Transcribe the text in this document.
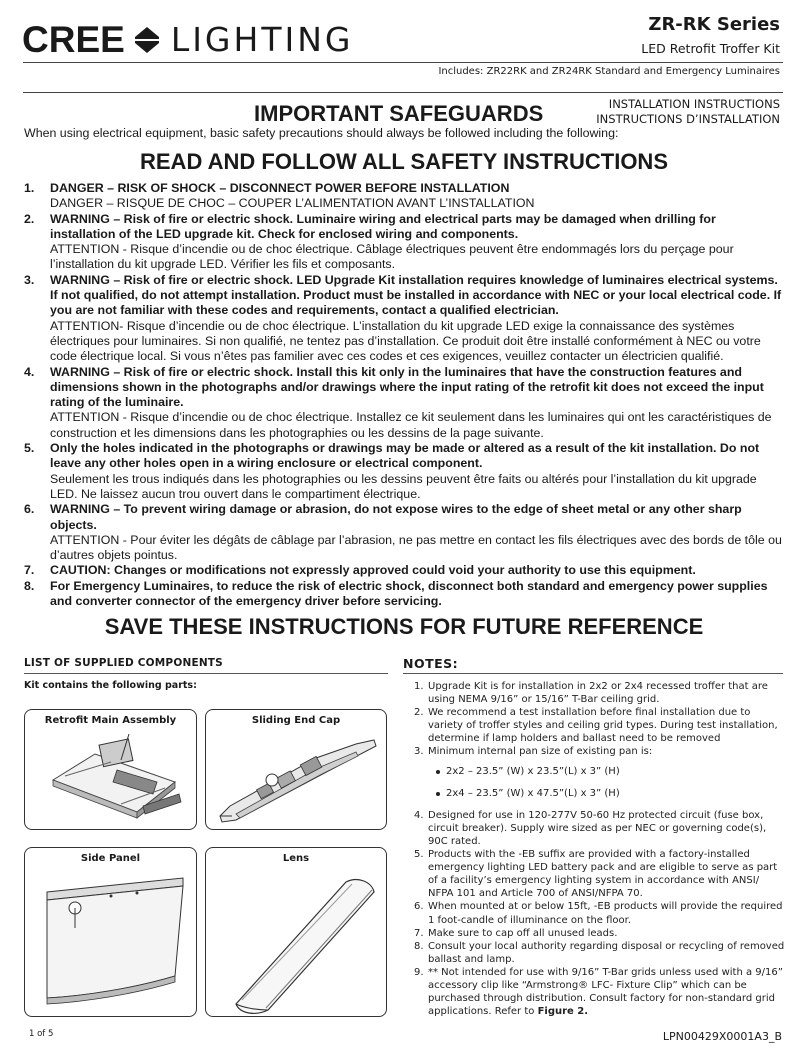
CREE LIGHTING	ZR-RK Series
LED Retrofit Troffer Kit
Includes: ZR22RK and ZR24RK Standard and Emergency Luminaires
IMPORTANT SAFEGUARDS	INSTALLATION INSTRUCTIONS
INSTRUCTIONS D’INSTALLATION
When using electrical equipment, basic safety precautions should always be followed including the following:
READ AND FOLLOW ALL SAFETY INSTRUCTIONS
1. DANGER – RISK OF SHOCK – DISCONNECT POWER BEFORE INSTALLATION
DANGER – RISQUE DE CHOC – COUPER L’ALIMENTATION AVANT L’INSTALLATION
2. WARNING – Risk of fire or electric shock. Luminaire wiring and electrical parts may be damaged when drilling for installation of the LED upgrade kit. Check for enclosed wiring and components.
ATTENTION - Risque d’incendie ou de choc électrique. Câblage électriques peuvent être endommagés lors du perçage pour l’installation du kit upgrade LED. Vérifier les fils et composants.
3. WARNING – Risk of fire or electric shock. LED Upgrade Kit installation requires knowledge of luminaires electrical systems. If not qualified, do not attempt installation. Product must be installed in accordance with NEC or your local electrical code. If you are not familiar with these codes and requirements, contact a qualified electrician.
ATTENTION- Risque d’incendie ou de choc électrique. L’installation du kit upgrade LED exige la connaissance des systèmes électriques pour luminaires. Si non qualifié, ne tentez pas d’installation. Ce produit doit être installé conformément à NEC ou votre code électrique local. Si vous n’êtes pas familier avec ces codes et ces exigences, veuillez contacter un électricien qualifié.
4. WARNING – Risk of fire or electric shock. Install this kit only in the luminaires that have the construction features and dimensions shown in the photographs and/or drawings where the input rating of the retrofit kit does not exceed the input rating of the luminaire.
ATTENTION - Risque d’incendie ou de choc électrique. Installez ce kit seulement dans les luminaires qui ont les caractéristiques de construction et les dimensions dans les photographies ou les dessins de la page suivante.
5. Only the holes indicated in the photographs or drawings may be made or altered as a result of the kit installation. Do not leave any other holes open in a wiring enclosure or electrical component.
Seulement les trous indiqués dans les photographies ou les dessins peuvent être faits ou altérés pour l’installation du kit upgrade LED. Ne laissez aucun trou ouvert dans le compartiment électrique.
6. WARNING – To prevent wiring damage or abrasion, do not expose wires to the edge of sheet metal or any other sharp objects.
ATTENTION - Pour éviter les dégâts de câblage par l’abrasion, ne pas mettre en contact les fils électriques avec des bords de tôle ou d’autres objets pointus.
7. CAUTION: Changes or modifications not expressly approved could void your authority to use this equipment.
8. For Emergency Luminaires, to reduce the risk of electric shock, disconnect both standard and emergency power supplies and converter connector of the emergency driver before servicing.
SAVE THESE INSTRUCTIONS FOR FUTURE REFERENCE
LIST OF SUPPLIED COMPONENTS
Kit contains the following parts:
Retrofit Main Assembly	Sliding End Cap
Side Panel	Lens
NOTES:
1. Upgrade Kit is for installation in 2x2 or 2x4 recessed troffer that are using NEMA 9/16” or 15/16” T-Bar ceiling grid.
2. We recommend a test installation before final installation due to variety of troffer styles and ceiling grid types. During test installation, determine if lamp holders and ballast need to be removed
3. Minimum internal pan size of existing pan is:
2x2 – 23.5” (W) x 23.5”(L) x 3” (H)
2x4 – 23.5” (W) x 47.5”(L) x 3” (H)
4. Designed for use in 120-277V 50-60 Hz protected circuit (fuse box, circuit breaker). Supply wire sized as per NEC or governing code(s), 90C rated.
5. Products with the -EB suffix are provided with a factory-installed emergency lighting LED battery pack and are eligible to serve as part of a facility’s emergency lighting system in accordance with ANSI/ NFPA 101 and Article 700 of ANSI/NFPA 70.
6. When mounted at or below 15ft, -EB products will provide the required 1 foot-candle of illuminance on the floor.
7. Make sure to cap off all unused leads.
8. Consult your local authority regarding disposal or recycling of removed ballast and lamp.
9. ** Not intended for use with 9/16” T-Bar grids unless used with a 9/16” accessory clip like “Armstrong® LFC- Fixture Clip” which can be purchased through distribution. Consult factory for non-standard grid applications. Refer to Figure 2.
1 of 5	LPN00429X0001A3_B
